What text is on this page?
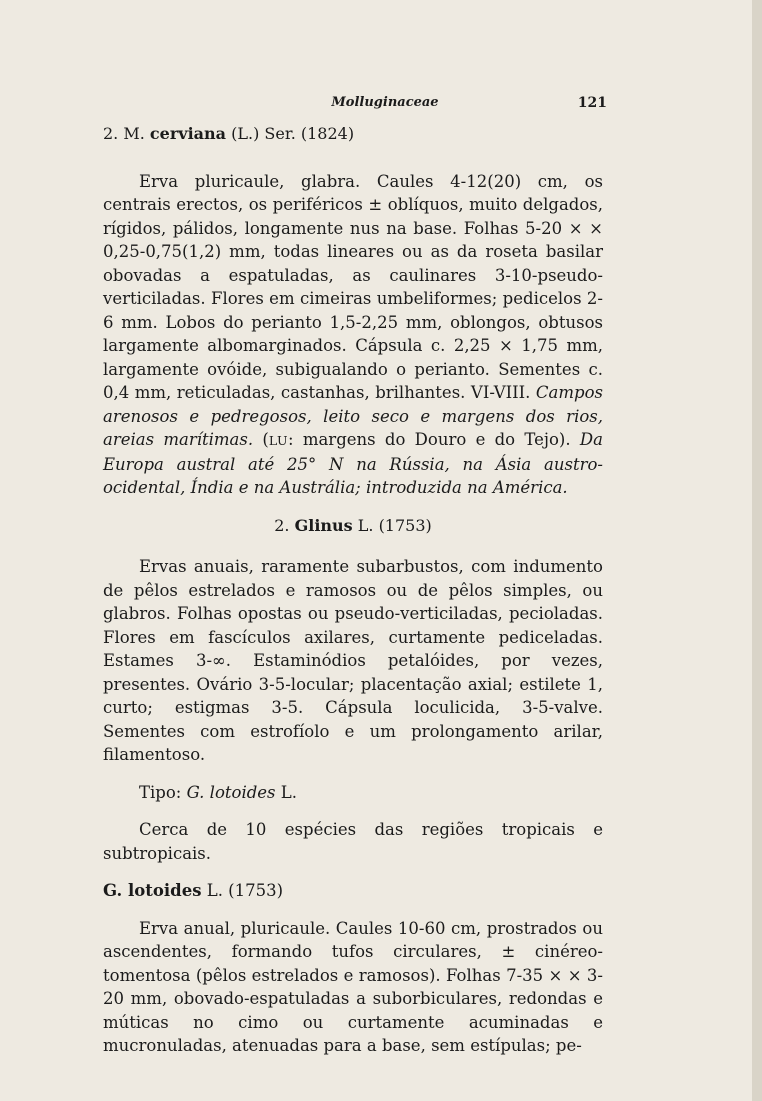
Molluginaceae	121

2. M. cerviana (L.) Ser. (1824)

Erva pluricaule, glabra. Caules 4-12(20) cm, os centrais erectos, os periféricos ± oblíquos, muito delgados, rígidos, pálidos, longamente nus na base. Folhas 5-20 × × 0,25-0,75(1,2) mm, todas lineares ou as da roseta basilar obovadas a espatuladas, as caulinares 3-10-pseudo-verticiladas. Flores em cimeiras umbeliformes; pedicelos 2-6 mm. Lobos do perianto 1,5-2,25 mm, oblongos, obtusos largamente albomarginados. Cápsula c. 2,25 × 1,75 mm, largamente ovóide, subigualando o perianto. Sementes c. 0,4 mm, reticuladas, castanhas, brilhantes. VI-VIII. Campos arenosos e pedregosos, leito seco e margens dos rios, areias marítimas. (LU: margens do Douro e do Tejo). Da Europa austral até 25° N na Rússia, na Ásia austro-ocidental, Índia e na Austrália; introduzida na América.

2. Glinus L. (1753)

Ervas anuais, raramente subarbustos, com indumento de pêlos estrelados e ramosos ou de pêlos simples, ou glabros. Folhas opostas ou pseudo-verticiladas, pecioladas. Flores em fascículos axilares, curtamente pediceladas. Estames 3-∞. Estaminódios petalóides, por vezes, presentes. Ovário 3-5-locular; placentação axial; estilete 1, curto; estigmas 3-5. Cápsula loculicida, 3-5-valve. Sementes com estrofíolo e um prolongamento arilar, filamentoso.

Tipo: G. lotoides L.

Cerca de 10 espécies das regiões tropicais e subtropicais.

G. lotoides L. (1753)

Erva anual, pluricaule. Caules 10-60 cm, prostrados ou ascendentes, formando tufos circulares, ± cinéreo-tomentosa (pêlos estrelados e ramosos). Folhas 7-35 × × 3-20 mm, obovado-espatuladas a suborbiculares, redondas e múticas no cimo ou curtamente acuminadas e mucronuladas, atenuadas para a base, sem estípulas; pe-
